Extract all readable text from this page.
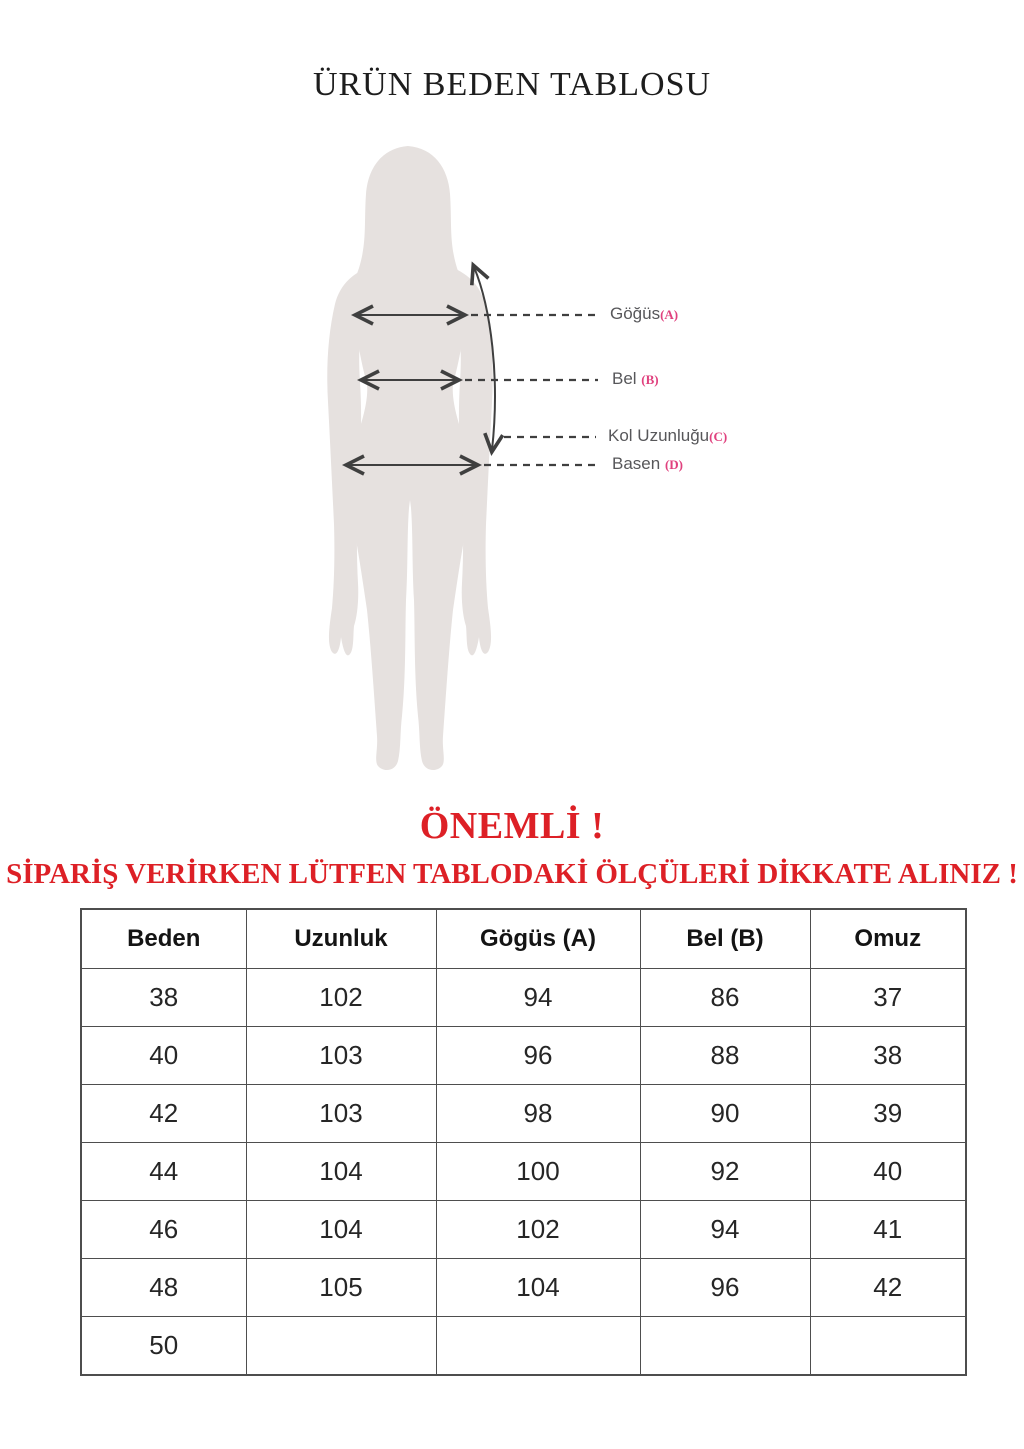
ÜRÜN BEDEN TABLOSU
Göğüs(A)
Bel (B)
Kol Uzunluğu(C)
Basen (D)
ÖNEMLİ !
SİPARİŞ VERİRKEN LÜTFEN TABLODAKİ ÖLÇÜLERİ DİKKATE ALINIZ !
Beden	Uzunluk	Gögüs (A)	Bel (B)	Omuz
38	102	94	86	37
40	103	96	88	38
42	103	98	90	39
44	104	100	92	40
46	104	102	94	41
48	105	104	96	42
50				
